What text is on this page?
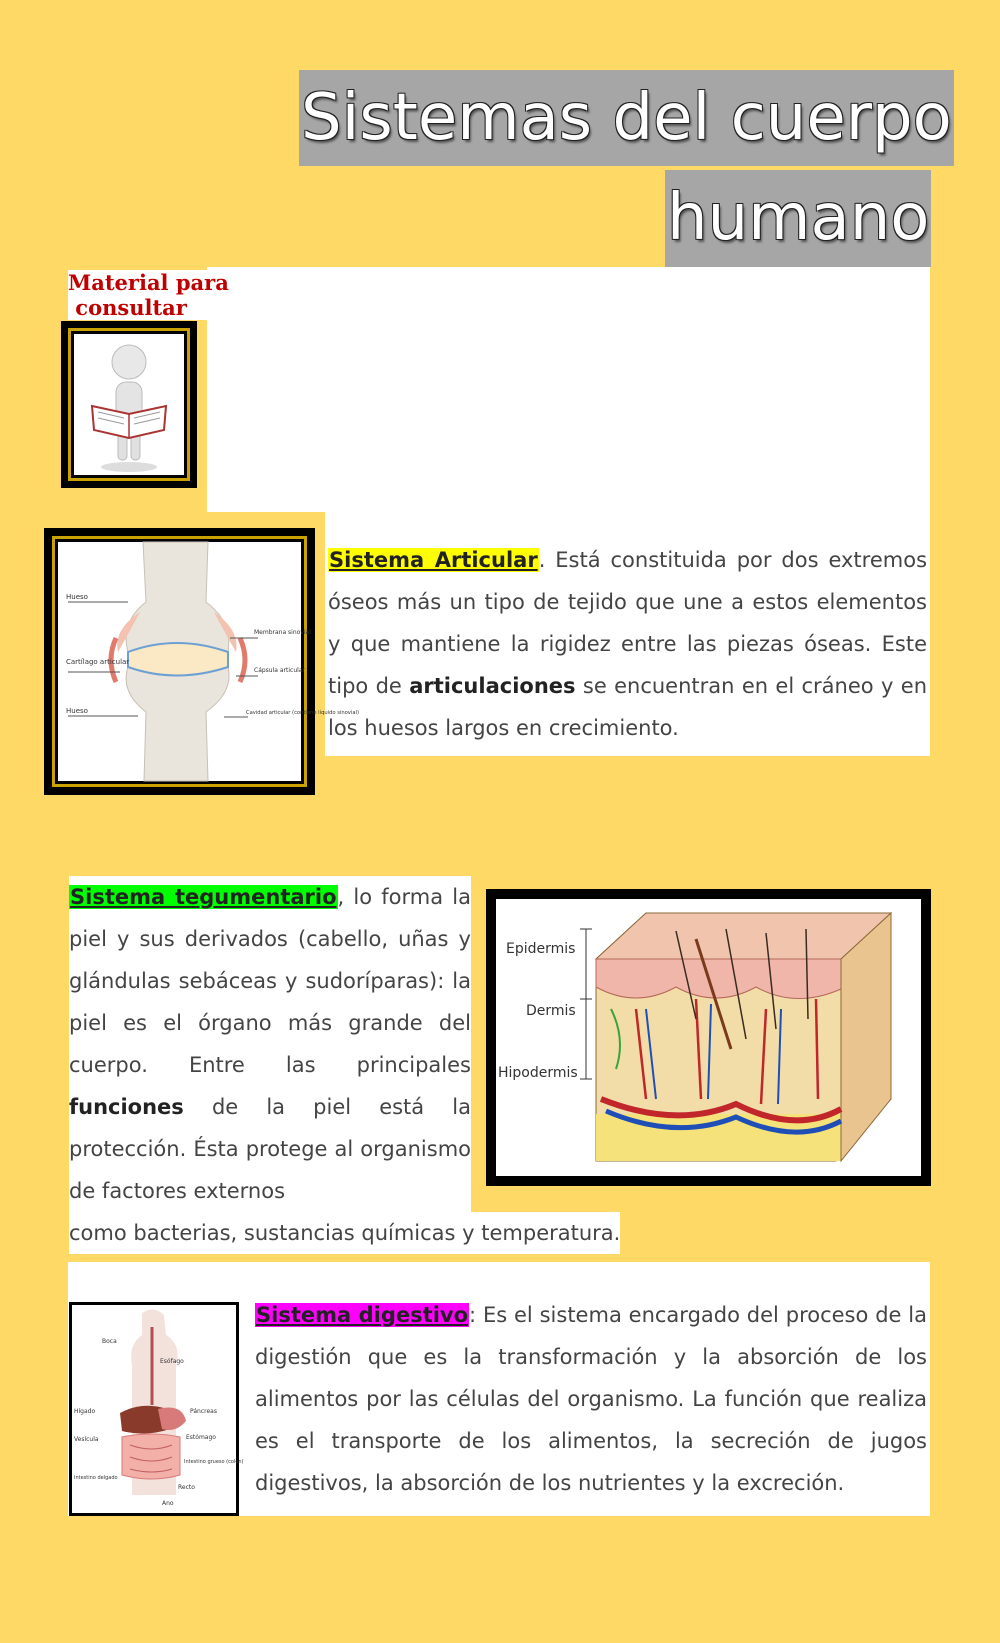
Sistemas del cuerpo
humano
Material para
consultar
Hueso
Cartílago articular
Hueso
Membrana sinovial
Cápsula articular
Cavidad articular (contiene líquido sinovial)
Sistema Articular. Está constituida por dos extremos óseos más un tipo de tejido que une a estos elementos y que mantiene la rigidez entre las piezas óseas. Este tipo de articulaciones se encuentran en el cráneo y en los huesos largos en crecimiento.
Sistema tegumentario, lo forma la piel y sus derivados (cabello, uñas y glándulas sebáceas y sudoríparas): la piel es el órgano más grande del cuerpo. Entre las principales funciones de la piel está la protección. Ésta protege al organismo de factores externos
como bacterias, sustancias químicas y temperatura.
Epidermis
Dermis
Hipodermis
Boca
Esófago
Hígado	Páncreas
Vesícula	Estómago
Intestino grueso (colon)
Intestino delgado
Recto
Ano
Sistema digestivo: Es el sistema encargado del proceso de la digestión que es la transformación y la absorción de los alimentos por las células del organismo. La función que realiza es el transporte de los alimentos, la secreción de jugos digestivos, la absorción de los nutrientes y la excreción.
